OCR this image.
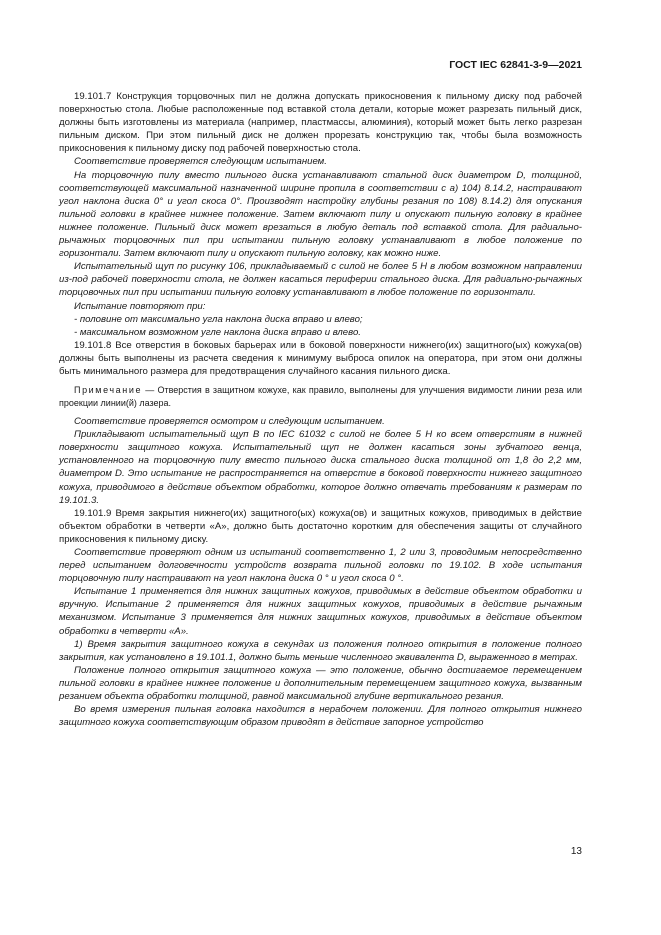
ГОСТ IEC 62841-3-9—2021

19.101.7 Конструкция торцовочных пил не должна допускать прикосновения к пильному диску под рабочей поверхностью стола. Любые расположенные под вставкой стола детали, которые может разрезать пильный диск, должны быть изготовлены из материала (например, пластмассы, алюминия), который может быть легко разрезан пильным диском. При этом пильный диск не должен прорезать конструкцию так, чтобы была возможность прикосновения к пильному диску под рабочей поверхностью стола.

Соответствие проверяется следующим испытанием.

На торцовочную пилу вместо пильного диска устанавливают стальной диск диаметром D, толщиной, соответствующей максимальной назначенной ширине пропила в соответствии с а) 104) 8.14.2, настраивают угол наклона диска 0° и угол скоса 0°. Производят настройку глубины резания по 108) 8.14.2) для опускания пильной головки в крайнее нижнее положение. Затем включают пилу и опускают пильную головку в крайнее нижнее положение. Пильный диск может врезаться в любую деталь под вставкой стола. Для радиально-рычажных торцовочных пил при испытании пильную головку устанавливают в любое положение по горизонтали. Затем включают пилу и опускают пильную головку, как можно ниже.

Испытательный щуп по рисунку 106, прикладываемый с силой не более 5 Н в любом возможном направлении из-под рабочей поверхности стола, не должен касаться периферии стального диска. Для радиально-рычажных торцовочных пил при испытании пильную головку устанавливают в любое положение по горизонтали.

Испытание повторяют при:

- половине от максимально угла наклона диска вправо и влево;

- максимальном возможном угле наклона диска вправо и влево.

19.101.8 Все отверстия в боковых барьерах или в боковой поверхности нижнего(их) защитного(ых) кожуха(ов) должны быть выполнены из расчета сведения к минимуму выброса опилок на оператора, при этом они должны быть минимального размера для предотвращения случайного касания пильного диска.

Примечание — Отверстия в защитном кожухе, как правило, выполнены для улучшения видимости линии реза или проекции линии(й) лазера.

Соответствие проверяется осмотром и следующим испытанием.

Прикладывают испытательный щуп B по IEC 61032 с силой не более 5 Н ко всем отверстиям в нижней поверхности защитного кожуха. Испытательный щуп не должен касаться зоны зубчатого венца, установленного на торцовочную пилу вместо пильного диска стального диска толщиной от 1,8 до 2,2 мм, диаметром D. Это испытание не распространяется на отверстие в боковой поверхности нижнего защитного кожуха, приводимого в действие объектом обработки, которое должно отвечать требованиям к размерам по 19.101.3.

19.101.9 Время закрытия нижнего(их) защитного(ых) кожуха(ов) и защитных кожухов, приводимых в действие объектом обработки в четверти «А», должно быть достаточно коротким для обеспечения защиты от случайного прикосновения к пильному диску.

Соответствие проверяют одним из испытаний соответственно 1, 2 или 3, проводимым непосредственно перед испытанием долговечности устройств возврата пильной головки по 19.102. В ходе испытания торцовочную пилу настраивают на угол наклона диска 0 ° и угол скоса 0 °.

Испытание 1 применяется для нижних защитных кожухов, приводимых в действие объектом обработки и вручную. Испытание 2 применяется для нижних защитных кожухов, приводимых в действие рычажным механизмом. Испытание 3 применяется для нижних защитных кожухов, приводимых в действие объектом обработки в четверти «А».

1) Время закрытия защитного кожуха в секундах из положения полного открытия в положение полного закрытия, как установлено в 19.101.1, должно быть меньше численного эквивалента D, выраженного в метрах.

Положение полного открытия защитного кожуха — это положение, обычно достигаемое перемещением пильной головки в крайнее нижнее положение и дополнительным перемещением защитного кожуха, вызванным резанием объекта обработки толщиной, равной максимальной глубине вертикального резания.

Во время измерения пильная головка находится в нерабочем положении. Для полного открытия нижнего защитного кожуха соответствующим образом приводят в действие запорное устройство

13
